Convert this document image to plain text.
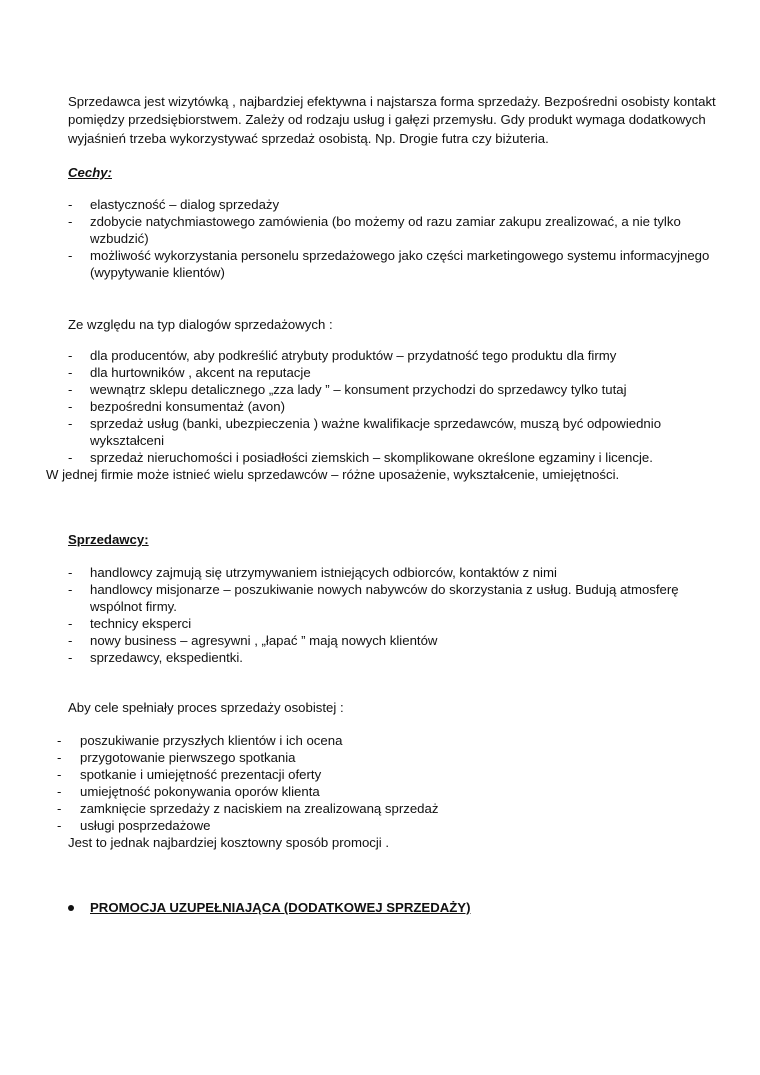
Sprzedawca jest wizytówką , najbardziej efektywna i najstarsza forma sprzedaży. Bezpośredni osobisty kontakt
pomiędzy przedsiębiorstwem. Zależy od rodzaju usług i gałęzi przemysłu. Gdy produkt wymaga dodatkowych
wyjaśnień trzeba wykorzystywać sprzedaż osobistą. Np. Drogie futra czy biżuteria.
Cechy:
- elastyczność – dialog sprzedaży
- zdobycie natychmiastowego zamówienia (bo możemy od razu zamiar zakupu zrealizować, a nie tylko
wzbudzić)
- możliwość wykorzystania personelu sprzedażowego jako części marketingowego systemu informacyjnego
(wypytywanie klientów)
Ze względu na typ dialogów sprzedażowych :
- dla producentów, aby podkreślić atrybuty produktów – przydatność tego produktu dla firmy
- dla hurtowników , akcent na reputacje
- wewnątrz sklepu detalicznego „zza lady ” – konsument przychodzi do sprzedawcy tylko tutaj
- bezpośredni konsumentaż (avon)
- sprzedaż usług (banki, ubezpieczenia ) ważne kwalifikacje sprzedawców, muszą być odpowiednio
wykształceni
- sprzedaż nieruchomości i posiadłości ziemskich – skomplikowane określone egzaminy i licencje.
W jednej firmie może istnieć wielu sprzedawców – różne uposażenie, wykształcenie, umiejętności.
Sprzedawcy:
- handlowcy zajmują się utrzymywaniem istniejących odbiorców, kontaktów z nimi
- handlowcy misjonarze – poszukiwanie nowych nabywców do skorzystania z usług. Budują atmosferę
wspólnot firmy.
- technicy eksperci
- nowy business – agresywni , „łapać ” mają nowych klientów
- sprzedawcy, ekspedientki.
Aby cele spełniały proces sprzedaży osobistej :
- poszukiwanie przyszłych klientów i ich ocena
- przygotowanie pierwszego spotkania
- spotkanie i umiejętność prezentacji oferty
- umiejętność pokonywania oporów klienta
- zamknięcie sprzedaży z naciskiem na zrealizowaną sprzedaż
- usługi posprzedażowe
Jest to jednak najbardziej kosztowny sposób promocji .
PROMOCJA UZUPEŁNIAJĄCA (DODATKOWEJ SPRZEDAŻY)
